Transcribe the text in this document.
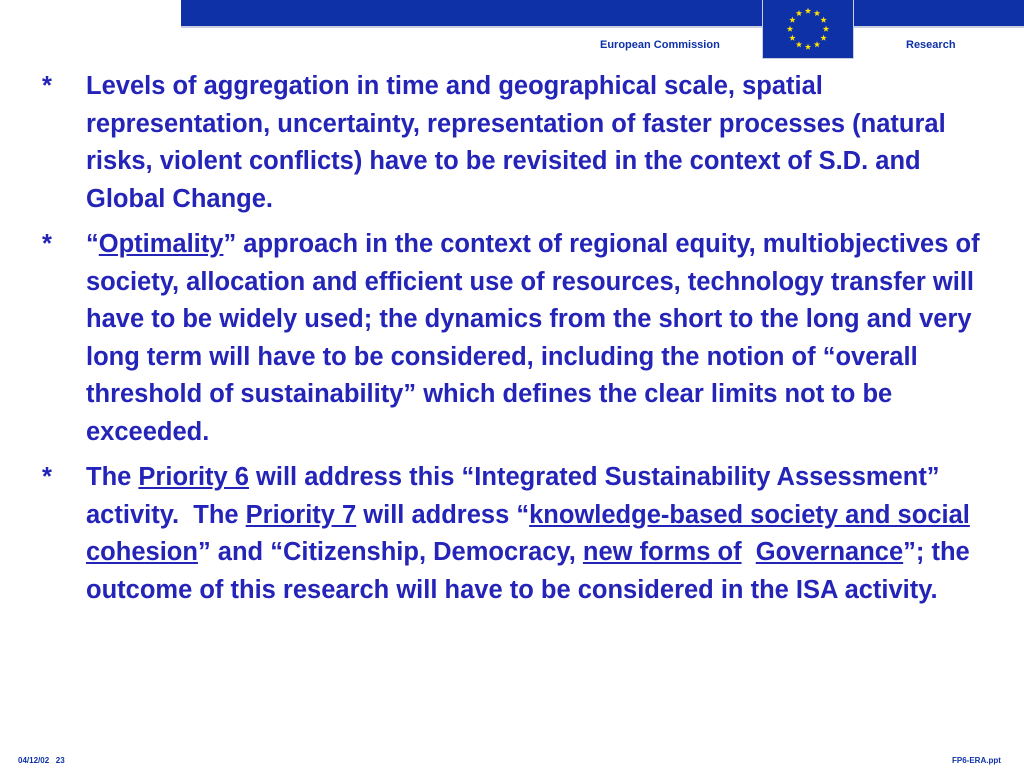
European Commission	Research
*	Levels of aggregation in time and geographical scale, spatial representation, uncertainty, representation of faster processes (natural risks, violent conflicts) have to be revisited in the context of S.D. and Global Change.
*	“Optimality” approach in the context of regional equity, multiobjectives of society, allocation and efficient use of resources, technology transfer will have to be widely used; the dynamics from the short to the long and very long term will have to be considered, including the notion of “overall threshold of sustainability” which defines the clear limits not to be exceeded.
*	The Priority 6 will address this “Integrated Sustainability Assessment” activity.  The Priority 7 will address “knowledge-based society and social cohesion” and “Citizenship, Democracy, new forms of Governance”; the outcome of this research will have to be considered in the ISA activity.
04/12/02   23	FP6-ERA.ppt
